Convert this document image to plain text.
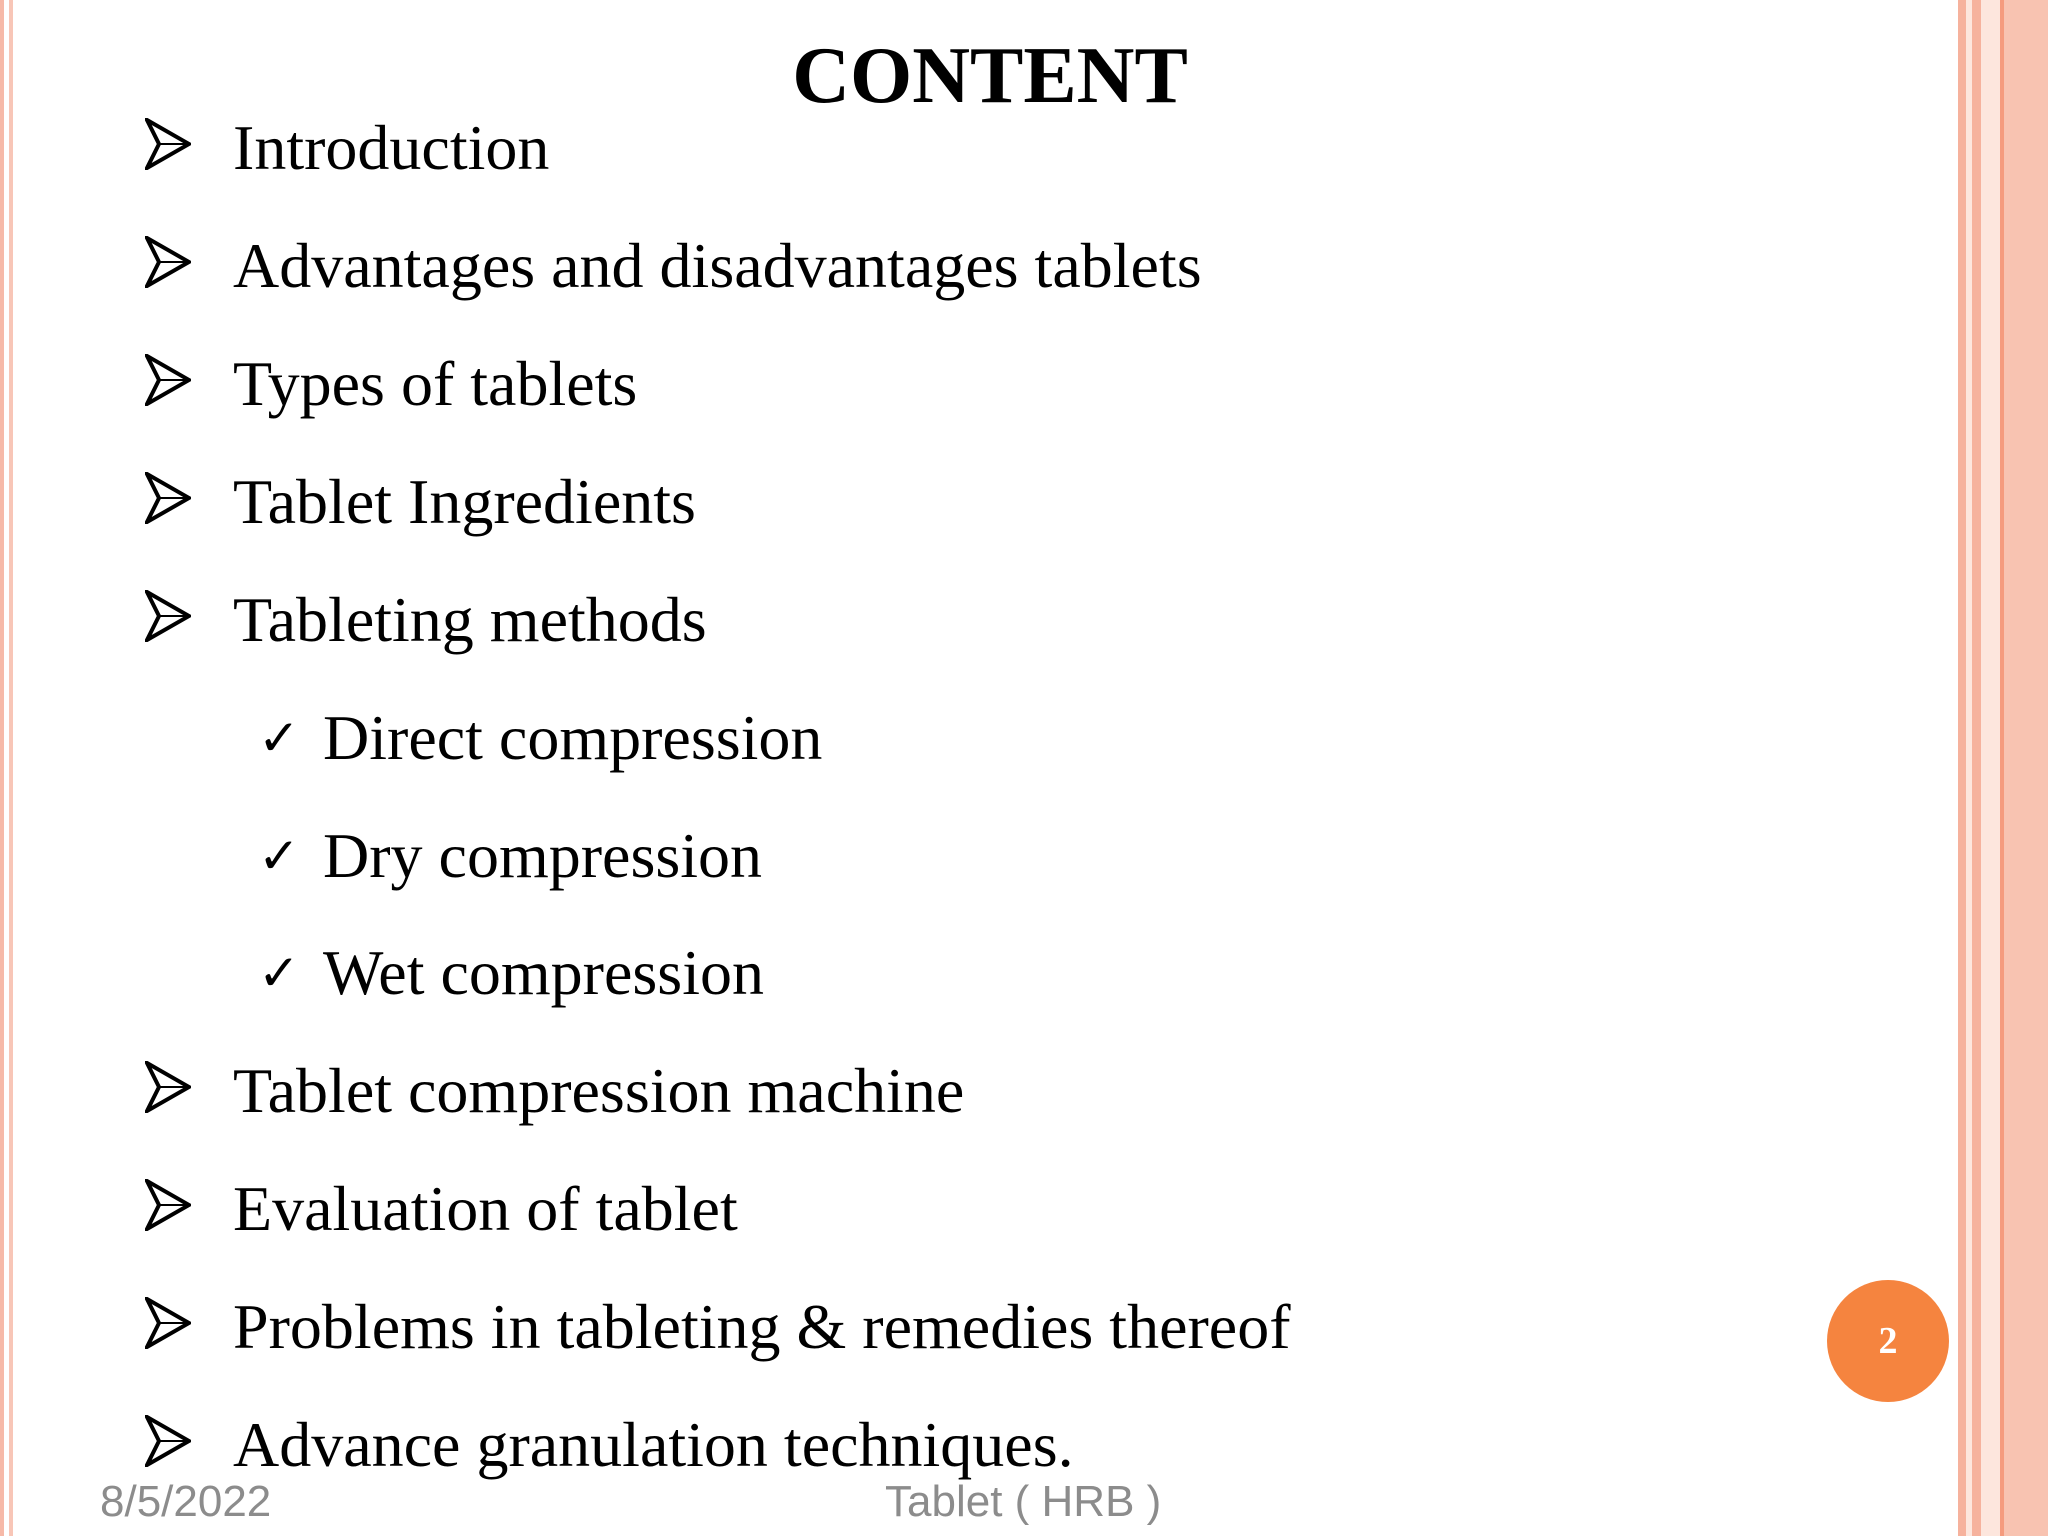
CONTENT
Introduction
Advantages and disadvantages tablets
Types of tablets
Tablet Ingredients
Tableting methods
✓ Direct compression
✓ Dry compression
✓ Wet compression
Tablet compression machine
Evaluation of tablet
Problems in tableting & remedies thereof
Advance granulation techniques.
2
8/5/2022	Tablet ( HRB )
